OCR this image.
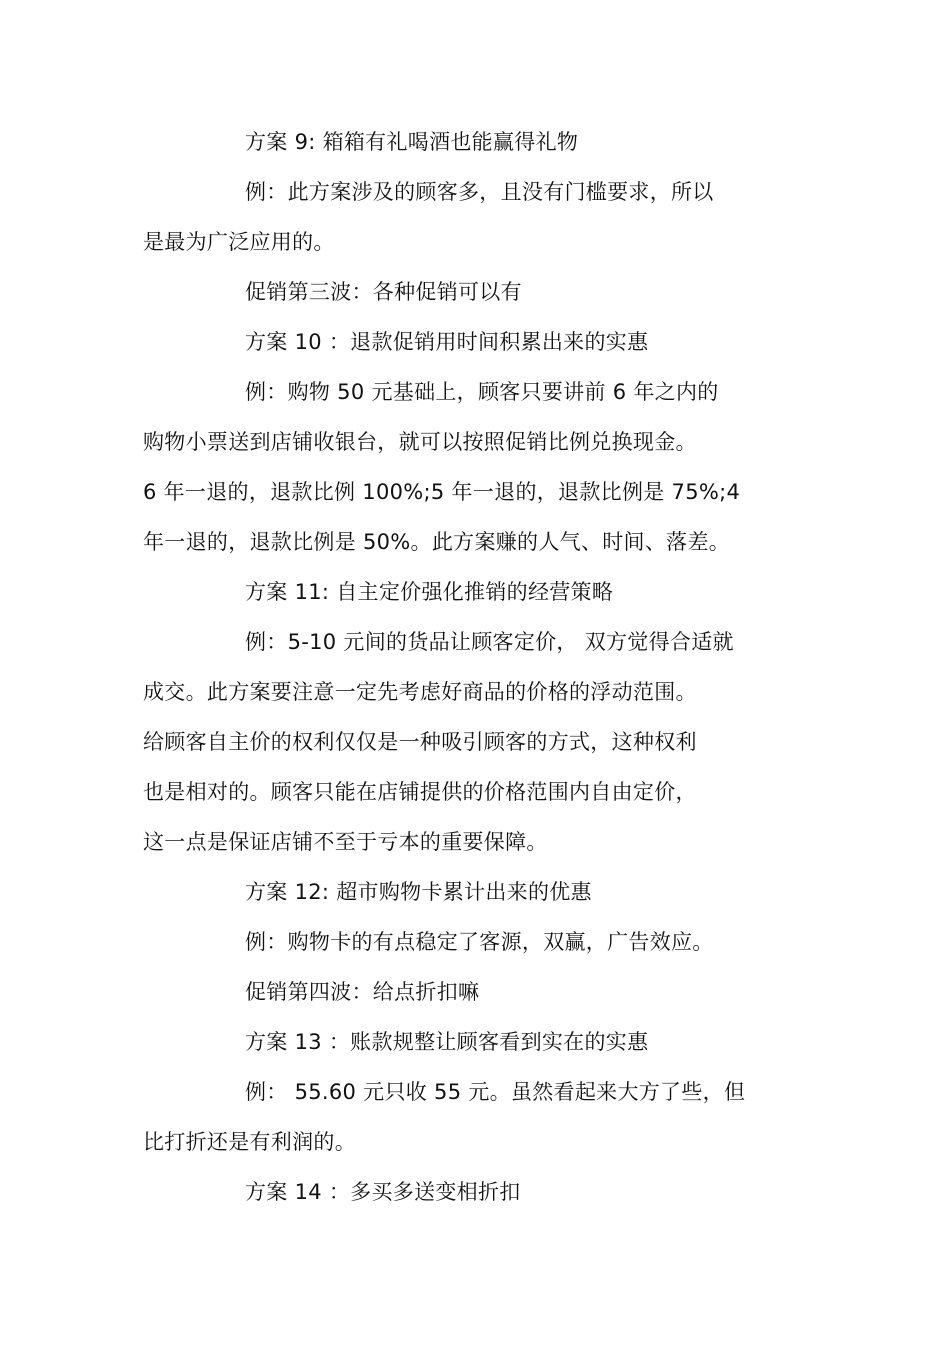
方案 9: 箱箱有礼喝酒也能赢得礼物
例：此方案涉及的顾客多，且没有门槛要求，所以
是最为广泛应用的。
促销第三波：各种促销可以有
方案 10 ：退款促销用时间积累出来的实惠
例：购物 50 元基础上，顾客只要讲前 6 年之内的
购物小票送到店铺收银台，就可以按照促销比例兑换现金。
6 年一退的，退款比例 100%;5 年一退的，退款比例是 75%;4
年一退的，退款比例是 50%。此方案赚的人气、时间、落差。
方案 11: 自主定价强化推销的经营策略
例：5-10 元间的货品让顾客定价， 双方觉得合适就
成交。此方案要注意一定先考虑好商品的价格的浮动范围。
给顾客自主价的权利仅仅是一种吸引顾客的方式，这种权利
也是相对的。顾客只能在店铺提供的价格范围内自由定价，
这一点是保证店铺不至于亏本的重要保障。
方案 12: 超市购物卡累计出来的优惠
例：购物卡的有点稳定了客源，双赢，广告效应。
促销第四波：给点折扣嘛
方案 13 ：账款规整让顾客看到实在的实惠
例： 55.60 元只收 55 元。虽然看起来大方了些，但
比打折还是有利润的。
方案 14 ：多买多送变相折扣
